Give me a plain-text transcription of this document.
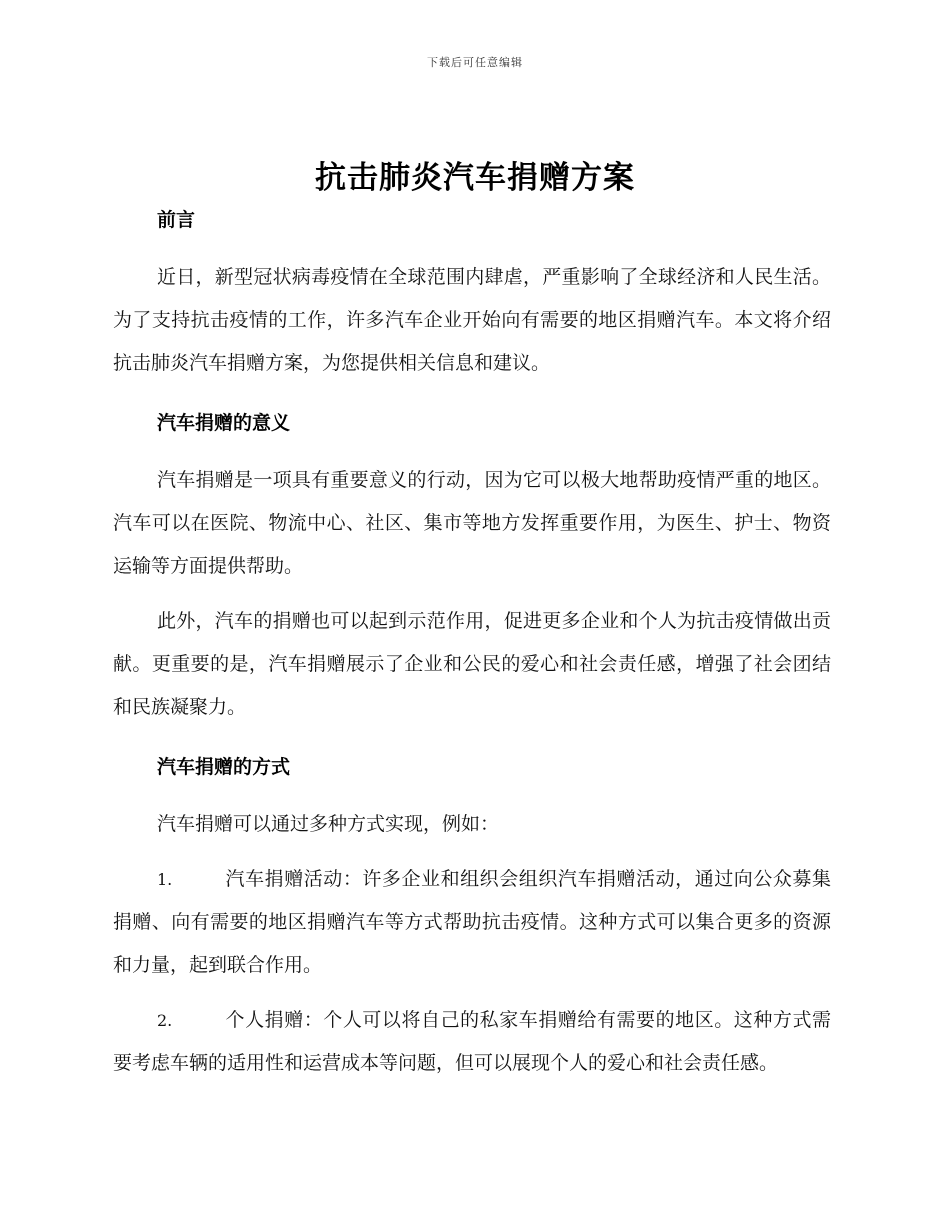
下载后可任意编辑
抗击肺炎汽车捐赠方案
前言

近日，新型冠状病毒疫情在全球范围内肆虐，严重影响了全球经济和人民生活。为了支持抗击疫情的工作，许多汽车企业开始向有需要的地区捐赠汽车。本文将介绍抗击肺炎汽车捐赠方案，为您提供相关信息和建议。

汽车捐赠的意义

汽车捐赠是一项具有重要意义的行动，因为它可以极大地帮助疫情严重的地区。汽车可以在医院、物流中心、社区、集市等地方发挥重要作用，为医生、护士、物资运输等方面提供帮助。

此外，汽车的捐赠也可以起到示范作用，促进更多企业和个人为抗击疫情做出贡献。更重要的是，汽车捐赠展示了企业和公民的爱心和社会责任感，增强了社会团结和民族凝聚力。

汽车捐赠的方式

汽车捐赠可以通过多种方式实现，例如：

1.	汽车捐赠活动：许多企业和组织会组织汽车捐赠活动，通过向公众募集捐赠、向有需要的地区捐赠汽车等方式帮助抗击疫情。这种方式可以集合更多的资源和力量，起到联合作用。

2.	个人捐赠：个人可以将自己的私家车捐赠给有需要的地区。这种方式需要考虑车辆的适用性和运营成本等问题，但可以展现个人的爱心和社会责任感。
